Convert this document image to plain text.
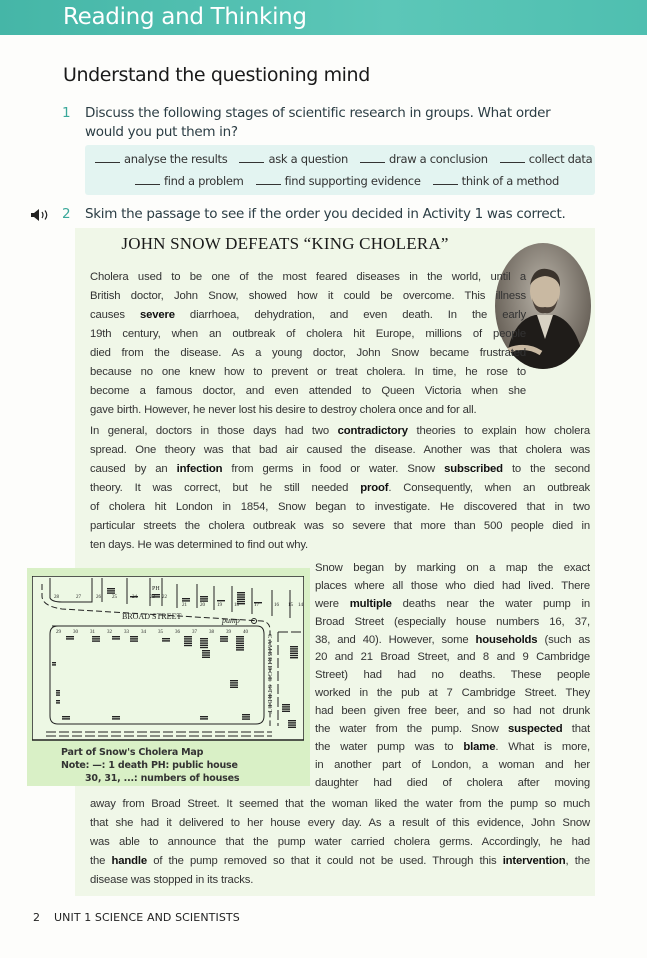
Reading and Thinking
Understand the questioning mind
1 Discuss the following stages of scientific research in groups. What order
would you put them in?
analyse the results	ask a question	draw a conclusion	collect data
find a problem	find supporting evidence	think of a method
2 Skim the passage to see if the order you decided in Activity 1 was correct.
JOHN SNOW DEFEATS “KING CHOLERA”
Cholera used to be one of the most feared diseases in the world, until a
British doctor, John Snow, showed how it could be overcome. This illness
causes severe diarrhoea, dehydration, and even death. In the early
19th century, when an outbreak of cholera hit Europe, millions of people
died from the disease. As a young doctor, John Snow became frustrated
because no one knew how to prevent or treat cholera. In time, he rose to
become a famous doctor, and even attended to Queen Victoria when she
gave birth. However, he never lost his desire to destroy cholera once and for all.
In general, doctors in those days had two contradictory theories to explain how cholera
spread. One theory was that bad air caused the disease. Another was that cholera was
caused by an infection from germs in food or water. Snow subscribed to the second
theory. It was correct, but he still needed proof. Consequently, when an outbreak
of cholera hit London in 1854, Snow began to investigate. He discovered that in two
particular streets the cholera outbreak was so severe that more than 500 people died in
ten days. He was determined to find out why.
Snow began by marking on a map the exact
places where all those who died had lived. There
were multiple deaths near the water pump in
Broad Street (especially house numbers 16, 37,
38, and 40). However, some households (such as
20 and 21 Broad Street, and 8 and 9 Cambridge
Street) had had no deaths. These people
worked in the pub at 7 Cambridge Street. They
had been given free beer, and so had not drunk
the water from the pump. Snow suspected that
the water pump was to blame. What is more,
in another part of London, a woman and her
daughter had died of cholera after moving
away from Broad Street. It seemed that the woman liked the water from the pump so much
that she had it delivered to her house every day. As a result of this evidence, John Snow
was able to announce that the pump water carried cholera germs. Accordingly, he had
the handle of the pump removed so that it could not be used. Through this intervention, the
disease was stopped in its tracks.
BROAD STREET	pump
PH
CAMBRIDGE STREET
28	27	26 25	24	23 22
21	20 19 18	17	16 15 14
29 30 31 32 33 34 35 36 37 38 39 40
Part of Snow's Cholera Map
Note: —: 1 death PH: public house
30, 31, ...: numbers of houses
2 UNIT 1 SCIENCE AND SCIENTISTS
